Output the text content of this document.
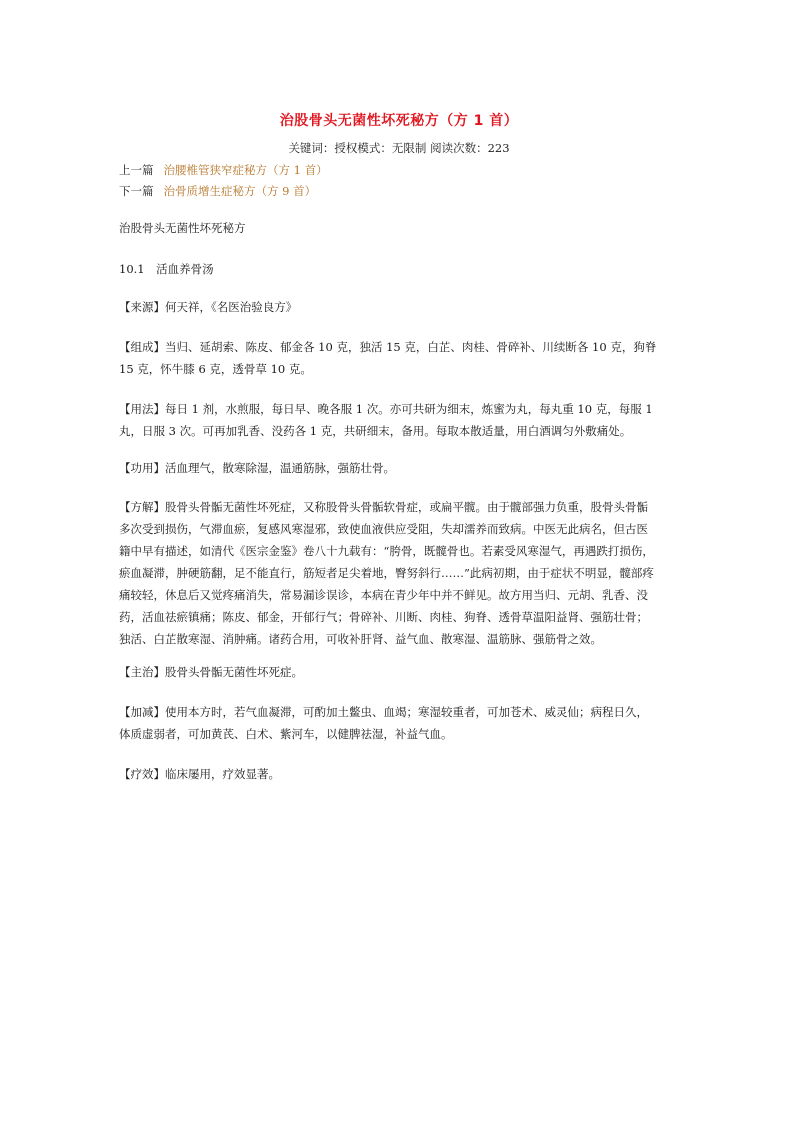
治股骨头无菌性坏死秘方（方 1 首）
关键词：授权模式：无限制 阅读次数：223
上一篇 治腰椎管狭窄症秘方（方 1 首）
下一篇 治骨质增生症秘方（方 9 首）
治股骨头无菌性坏死秘方
10.1　活血养骨汤
【来源】何天祥，《名医治验良方》
【组成】当归、延胡索、陈皮、郁金各 10 克，独活 15 克，白芷、肉桂、骨碎补、川续断各 10 克，狗脊
15 克，怀牛膝 6 克，透骨草 10 克。
【用法】每日 1 剂，水煎服，每日早、晚各服 1 次。亦可共研为细末，炼蜜为丸，每丸重 10 克，每服 1
丸，日服 3 次。可再加乳香、没药各 1 克，共研细末，备用。每取本散适量，用白酒调匀外敷痛处。
【功用】活血理气，散寒除湿，温通筋脉，强筋壮骨。
【方解】股骨头骨骺无菌性坏死症，又称股骨头骨骺软骨症，或扁平髋。由于髋部强力负重，股骨头骨骺
多次受到损伤，气滞血瘀，复感风寒湿邪，致使血液供应受阻，失却濡养而致病。中医无此病名，但古医
籍中早有描述，如清代《医宗金鉴》卷八十九载有：“胯骨，既髋骨也。若素受风寒湿气，再遇跌打损伤，
瘀血凝滞，肿硬筋翻，足不能直行，筋短者足尖着地，臀努斜行……”此病初期，由于症状不明显，髋部疼
痛较轻，休息后又觉疼痛消失，常易漏诊误诊，本病在青少年中并不鲜见。故方用当归、元胡、乳香、没
药，活血祛瘀镇痛；陈皮、郁金，开郁行气；骨碎补、川断、肉桂、狗脊、透骨草温阳益肾、强筋壮骨；
独活、白芷散寒湿、消肿痛。诸药合用，可收补肝肾、益气血、散寒湿、温筋脉、强筋骨之效。
【主治】股骨头骨骺无菌性坏死症。
【加减】使用本方时，若气血凝滞，可酌加土鳖虫、血竭；寒湿较重者，可加苍术、威灵仙；病程日久，
体质虚弱者，可加黄芪、白术、紫河车，以健脾祛湿，补益气血。
【疗效】临床屡用，疗效显著。
